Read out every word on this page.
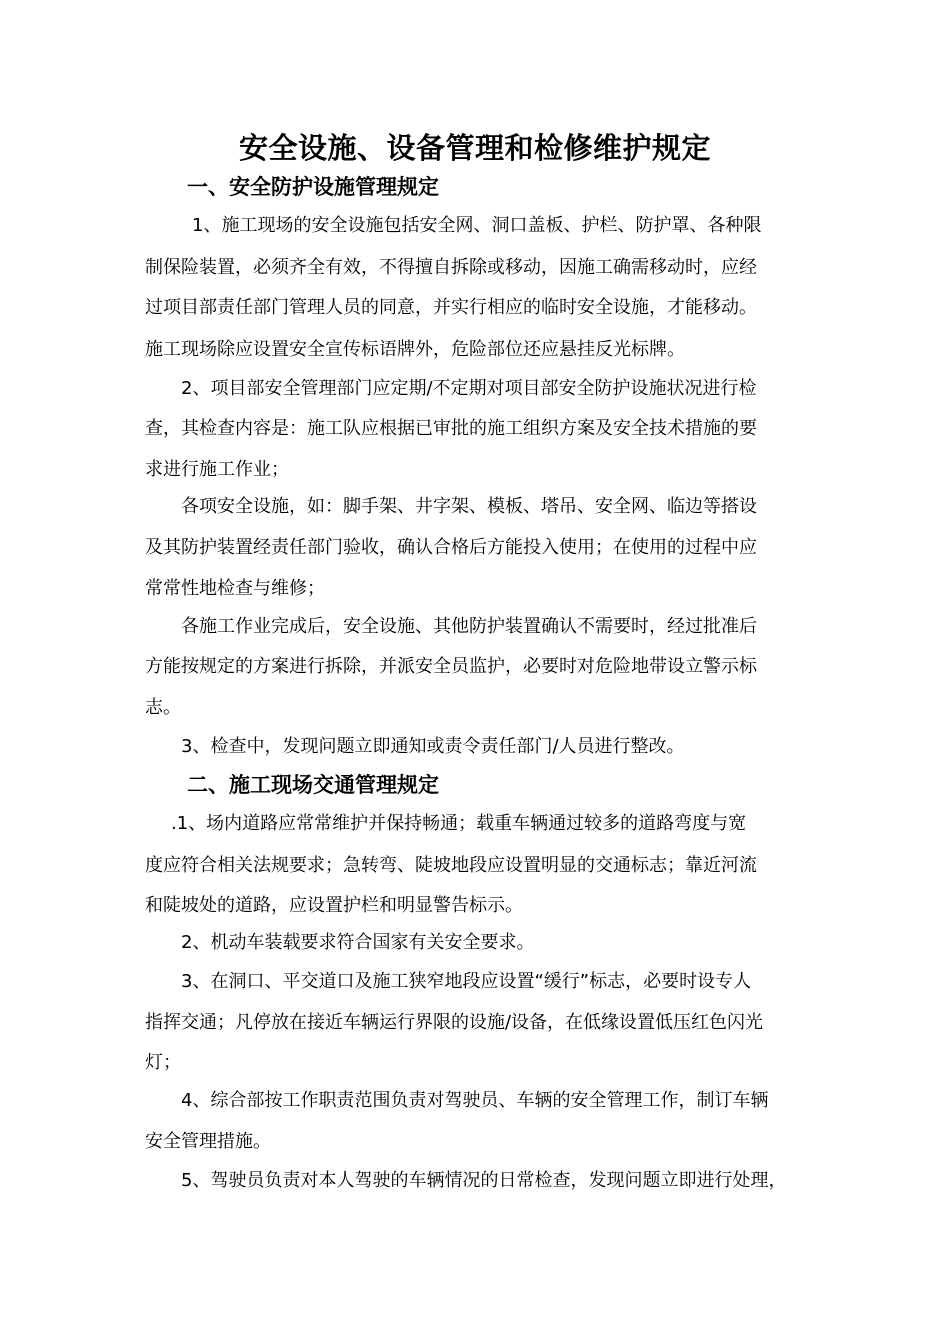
安全设施、设备管理和检修维护规定
一、安全防护设施管理规定
1、施工现场的安全设施包括安全网、洞口盖板、护栏、防护罩、各种限
制保险装置，必须齐全有效，不得擅自拆除或移动，因施工确需移动时，应经
过项目部责任部门管理人员的同意，并实行相应的临时安全设施，才能移动。
施工现场除应设置安全宣传标语牌外，危险部位还应悬挂反光标牌。
2、项目部安全管理部门应定期/不定期对项目部安全防护设施状况进行检
查，其检查内容是：施工队应根据已审批的施工组织方案及安全技术措施的要
求进行施工作业；
各项安全设施，如：脚手架、井字架、模板、塔吊、安全网、临边等搭设
及其防护装置经责任部门验收，确认合格后方能投入使用；在使用的过程中应
常常性地检查与维修；
各施工作业完成后，安全设施、其他防护装置确认不需要时，经过批准后
方能按规定的方案进行拆除，并派安全员监护，必要时对危险地带设立警示标
志。
3、检查中，发现问题立即通知或责令责任部门/人员进行整改。
二、施工现场交通管理规定
.1、场内道路应常常维护并保持畅通；载重车辆通过较多的道路弯度与宽
度应符合相关法规要求；急转弯、陡坡地段应设置明显的交通标志；靠近河流
和陡坡处的道路，应设置护栏和明显警告标示。
2、机动车装载要求符合国家有关安全要求。
3、在洞口、平交道口及施工狭窄地段应设置“缓行”标志，必要时设专人
指挥交通；凡停放在接近车辆运行界限的设施/设备，在低缘设置低压红色闪光
灯；
4、综合部按工作职责范围负责对驾驶员、车辆的安全管理工作，制订车辆
安全管理措施。
5、驾驶员负责对本人驾驶的车辆情况的日常检查，发现问题立即进行处理，
